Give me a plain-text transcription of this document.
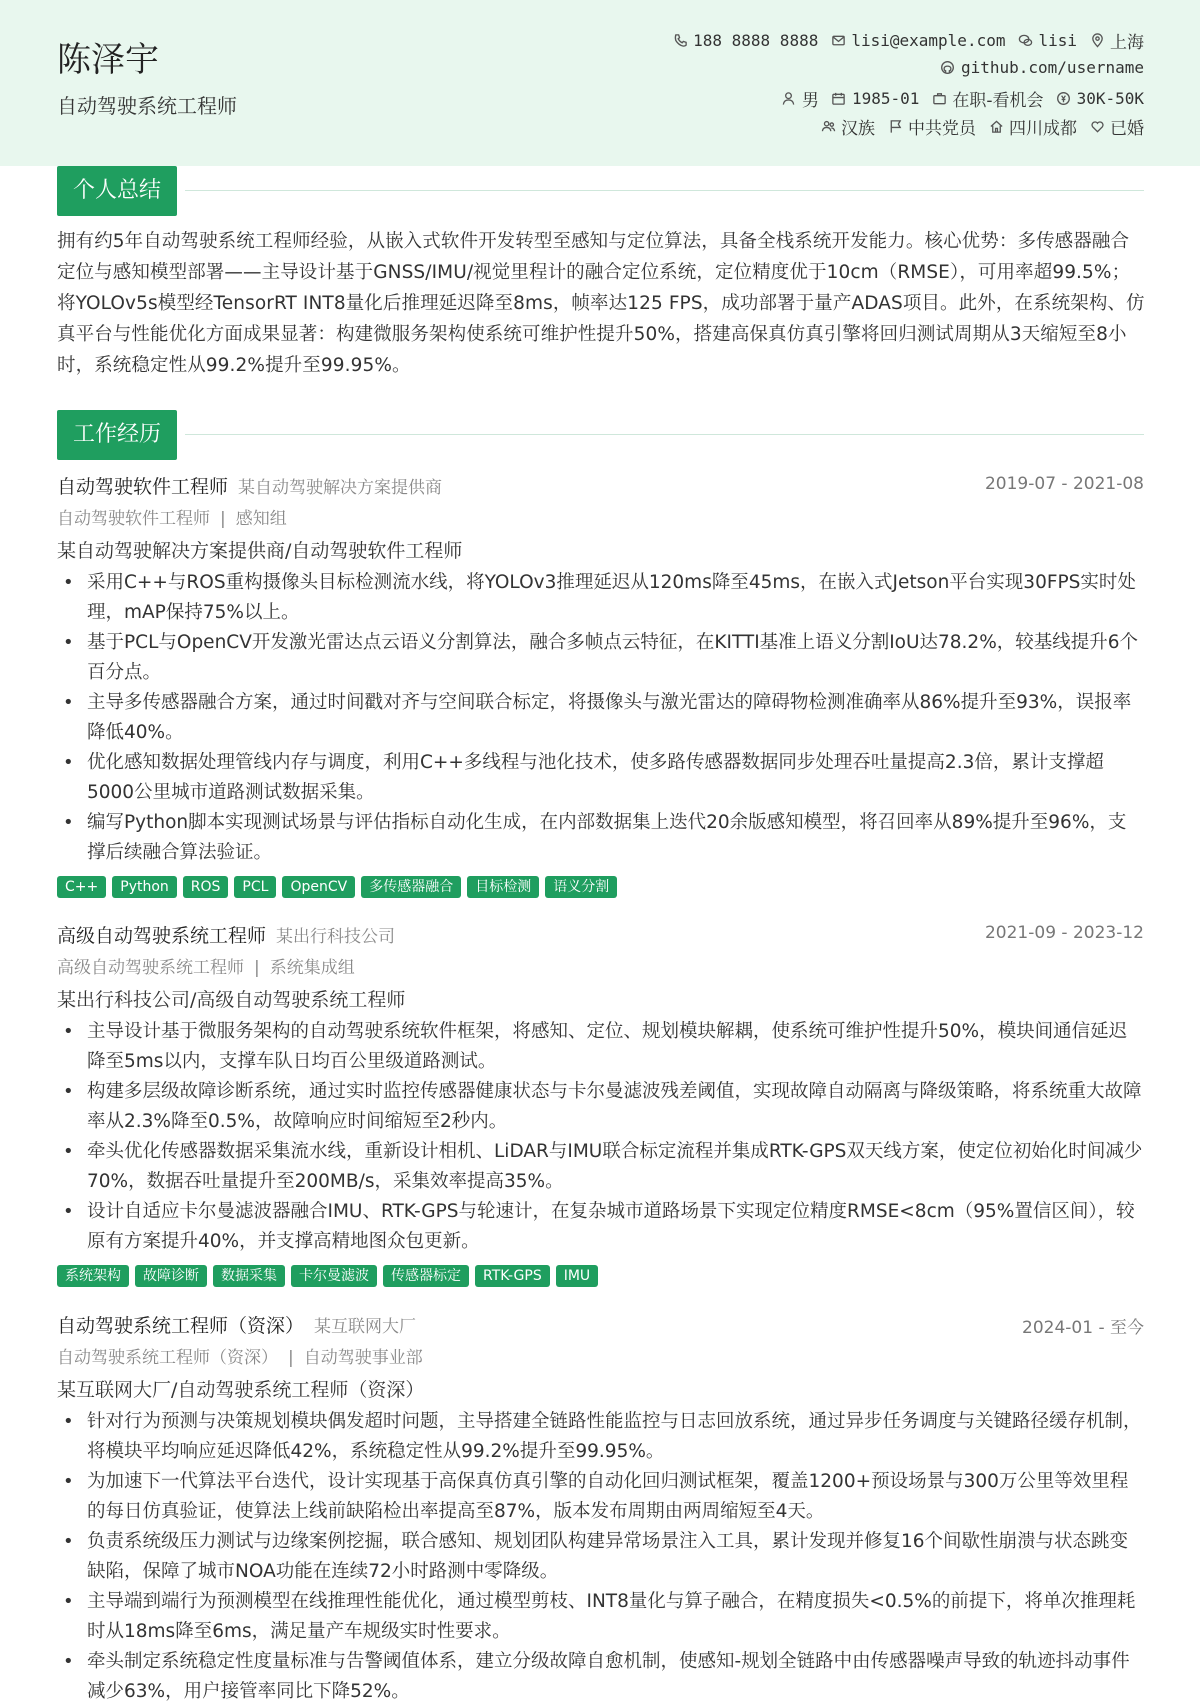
陈泽宇
自动驾驶系统工程师
188 8888 8888 lisi@example.com lisi 上海
github.com/username
男 1985-01 在职-看机会 30K-50K
汉族 中共党员 四川成都 已婚
个人总结
拥有约5年自动驾驶系统工程师经验，从嵌入式软件开发转型至感知与定位算法，具备全栈系统开发能力。核心优势：多传感器融合定位与感知模型部署——主导设计基于GNSS/IMU/视觉里程计的融合定位系统，定位精度优于10cm（RMSE），可用率超99.5%；将YOLOv5s模型经TensorRT INT8量化后推理延迟降至8ms，帧率达125 FPS，成功部署于量产ADAS项目。此外，在系统架构、仿真平台与性能优化方面成果显著：构建微服务架构使系统可维护性提升50%，搭建高保真仿真引擎将回归测试周期从3天缩短至8小时，系统稳定性从99.2%提升至99.95%。
工作经历
自动驾驶软件工程师 某自动驾驶解决方案提供商	2019-07 - 2021-08
自动驾驶软件工程师 | 感知组
某自动驾驶解决方案提供商/自动驾驶软件工程师
• 采用C++与ROS重构摄像头目标检测流水线，将YOLOv3推理延迟从120ms降至45ms，在嵌入式Jetson平台实现30FPS实时处理，mAP保持75%以上。
• 基于PCL与OpenCV开发激光雷达点云语义分割算法，融合多帧点云特征，在KITTI基准上语义分割IoU达78.2%，较基线提升6个百分点。
• 主导多传感器融合方案，通过时间戳对齐与空间联合标定，将摄像头与激光雷达的障碍物检测准确率从86%提升至93%，误报率降低40%。
• 优化感知数据处理管线内存与调度，利用C++多线程与池化技术，使多路传感器数据同步处理吞吐量提高2.3倍，累计支撑超5000公里城市道路测试数据采集。
• 编写Python脚本实现测试场景与评估指标自动化生成，在内部数据集上迭代20余版感知模型，将召回率从89%提升至96%，支撑后续融合算法验证。
C++	Python	ROS	PCL	OpenCV	多传感器融合	目标检测	语义分割
高级自动驾驶系统工程师 某出行科技公司	2021-09 - 2023-12
高级自动驾驶系统工程师 | 系统集成组
某出行科技公司/高级自动驾驶系统工程师
• 主导设计基于微服务架构的自动驾驶系统软件框架，将感知、定位、规划模块解耦，使系统可维护性提升50%，模块间通信延迟降至5ms以内，支撑车队日均百公里级道路测试。
• 构建多层级故障诊断系统，通过实时监控传感器健康状态与卡尔曼滤波残差阈值，实现故障自动隔离与降级策略，将系统重大故障率从2.3%降至0.5%，故障响应时间缩短至2秒内。
• 牵头优化传感器数据采集流水线，重新设计相机、LiDAR与IMU联合标定流程并集成RTK-GPS双天线方案，使定位初始化时间减少70%，数据吞吐量提升至200MB/s，采集效率提高35%。
• 设计自适应卡尔曼滤波器融合IMU、RTK-GPS与轮速计，在复杂城市道路场景下实现定位精度RMSE<8cm（95%置信区间），较原有方案提升40%，并支撑高精地图众包更新。
系统架构	故障诊断	数据采集	卡尔曼滤波	传感器标定	RTK-GPS	IMU
自动驾驶系统工程师（资深） 某互联网大厂	2024-01 - 至今
自动驾驶系统工程师（资深） | 自动驾驶事业部
某互联网大厂/自动驾驶系统工程师（资深）
• 针对行为预测与决策规划模块偶发超时问题，主导搭建全链路性能监控与日志回放系统，通过异步任务调度与关键路径缓存机制，将模块平均响应延迟降低42%，系统稳定性从99.2%提升至99.95%。
• 为加速下一代算法平台迭代，设计实现基于高保真仿真引擎的自动化回归测试框架，覆盖1200+预设场景与300万公里等效里程的每日仿真验证，使算法上线前缺陷检出率提高至87%，版本发布周期由两周缩短至4天。
• 负责系统级压力测试与边缘案例挖掘，联合感知、规划团队构建异常场景注入工具，累计发现并修复16个间歇性崩溃与状态跳变缺陷，保障了城市NOA功能在连续72小时路测中零降级。
• 主导端到端行为预测模型在线推理性能优化，通过模型剪枝、INT8量化与算子融合，在精度损失<0.5%的前提下，将单次推理耗时从18ms降至6ms，满足量产车规级实时性要求。
• 牵头制定系统稳定性度量标准与告警阈值体系，建立分级故障自愈机制，使感知-规划全链路中由传感器噪声导致的轨迹抖动事件减少63%，用户接管率同比下降52%。
